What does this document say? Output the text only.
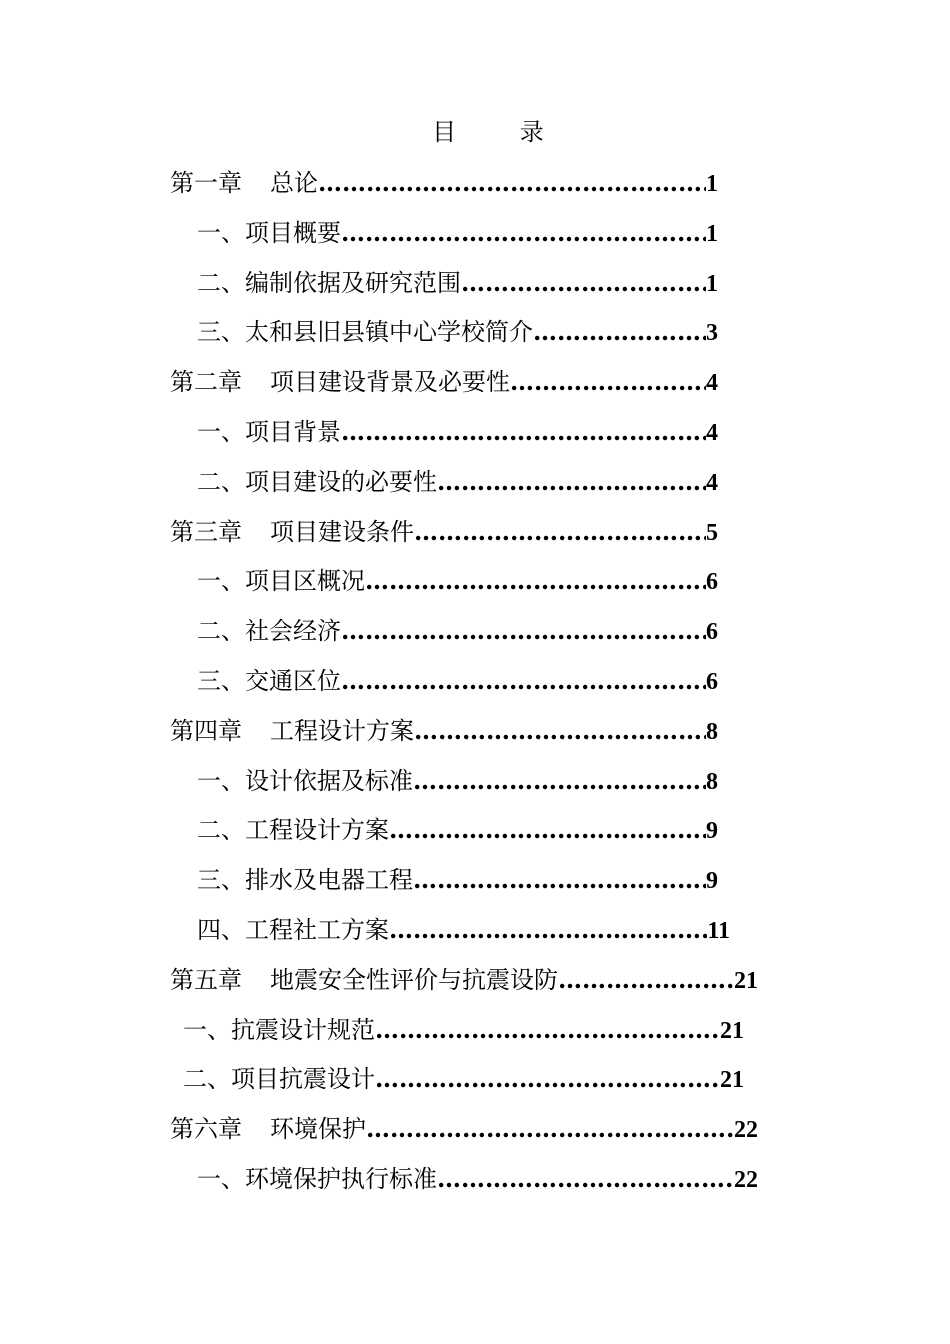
目 录
第一章 总论 ……………………………………………………………………………………………………………………………………………	1
一、项目概要 ……………………………………………………………………………………………………………………………………………	1
二、编制依据及研究范围 ……………………………………………………………………………………………………………………………………………	1
三、太和县旧县镇中心学校简介 ……………………………………………………………………………………………………………………………………………	3
第二章 项目建设背景及必要性 ……………………………………………………………………………………………………………………………………………	4
一、项目背景 ……………………………………………………………………………………………………………………………………………	4
二、项目建设的必要性 ……………………………………………………………………………………………………………………………………………	4
第三章 项目建设条件 ……………………………………………………………………………………………………………………………………………	5
一、项目区概况 ……………………………………………………………………………………………………………………………………………	6
二、社会经济 ……………………………………………………………………………………………………………………………………………	6
三、交通区位 ……………………………………………………………………………………………………………………………………………	6
第四章 工程设计方案 ……………………………………………………………………………………………………………………………………………	8
一、设计依据及标准 ……………………………………………………………………………………………………………………………………………	8
二、工程设计方案 ……………………………………………………………………………………………………………………………………………	9
三、排水及电器工程 ……………………………………………………………………………………………………………………………………………	9
四、工程社工方案 ……………………………………………………………………………………………………………………………………………	11
第五章 地震安全性评价与抗震设防 ……………………………………………………………………………………………………………………………………………	21
一、抗震设计规范 ……………………………………………………………………………………………………………………………………………	21
二、项目抗震设计 ……………………………………………………………………………………………………………………………………………	21
第六章 环境保护 ……………………………………………………………………………………………………………………………………………	22
一、环境保护执行标准 ……………………………………………………………………………………………………………………………………………	22
